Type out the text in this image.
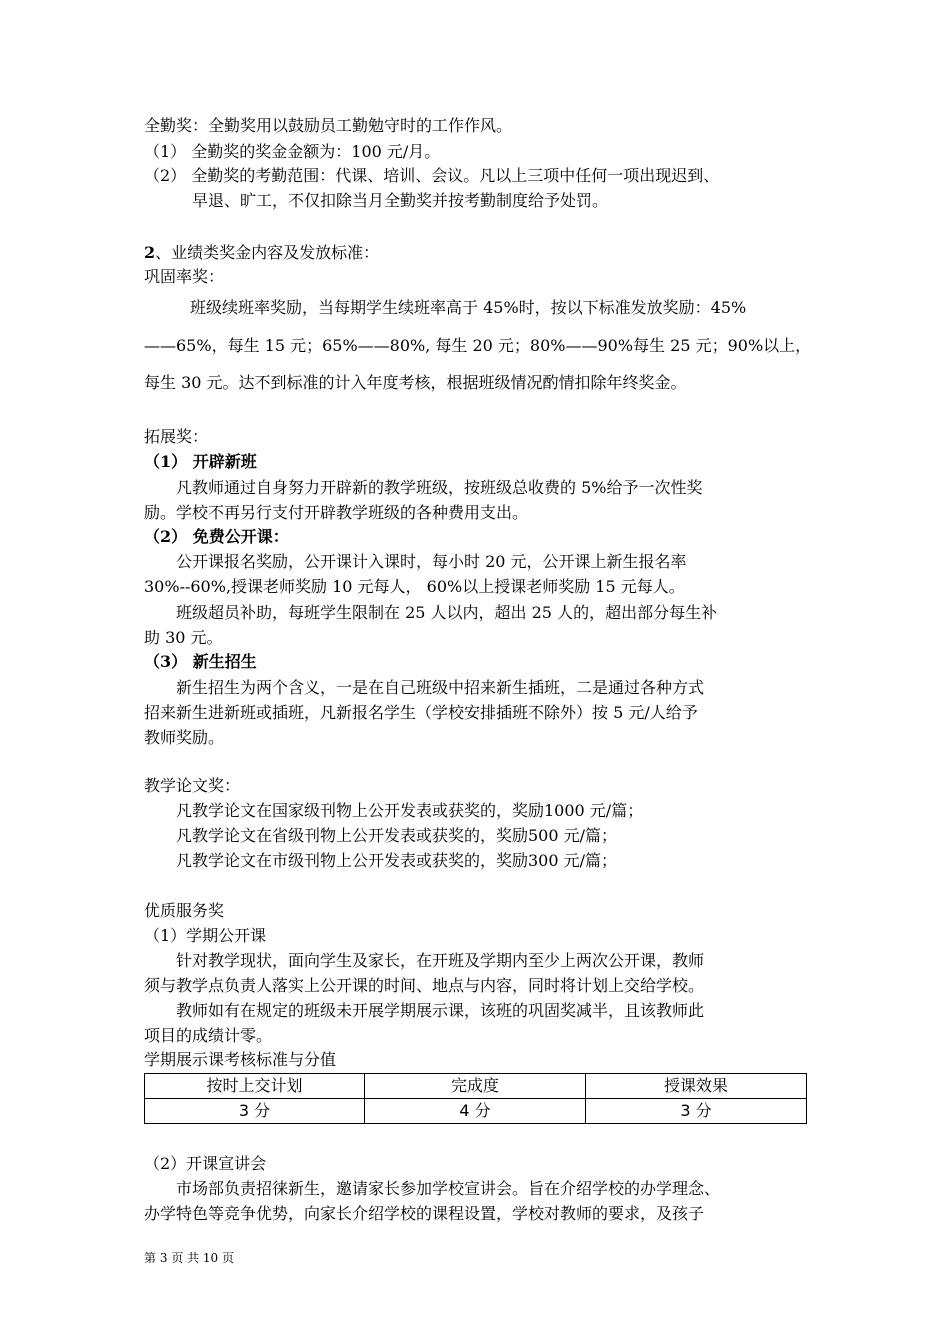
全勤奖：全勤奖用以鼓励员工勤勉守时的工作作风。
（1） 全勤奖的奖金金额为：100 元/月。
（2） 全勤奖的考勤范围：代课、培训、会议。凡以上三项中任何一项出现迟到、
早退、旷工，不仅扣除当月全勤奖并按考勤制度给予处罚。
2、业绩类奖金内容及发放标准：
巩固率奖：
班级续班率奖励，当每期学生续班率高于 45%时，按以下标准发放奖励：45%
——65%，每生 15 元；65%——80%, 每生 20 元；80%——90%每生 25 元；90%以上，
每生 30 元。达不到标准的计入年度考核，根据班级情况酌情扣除年终奖金。
拓展奖：
（1） 开辟新班
凡教师通过自身努力开辟新的教学班级，按班级总收费的 5%给予一次性奖
励。学校不再另行支付开辟教学班级的各种费用支出。
（2） 免费公开课：
公开课报名奖励，公开课计入课时，每小时 20 元，公开课上新生报名率
30%--60%,授课老师奖励 10 元每人， 60%以上授课老师奖励 15 元每人。
班级超员补助，每班学生限制在 25 人以内，超出 25 人的，超出部分每生补
助 30 元。
（3） 新生招生
新生招生为两个含义，一是在自己班级中招来新生插班，二是通过各种方式
招来新生进新班或插班，凡新报名学生（学校安排插班不除外）按 5 元/人给予
教师奖励。
教学论文奖：
凡教学论文在国家级刊物上公开发表或获奖的，奖励1000 元/篇；
凡教学论文在省级刊物上公开发表或获奖的，奖励500 元/篇；
凡教学论文在市级刊物上公开发表或获奖的，奖励300 元/篇；
优质服务奖
（1）学期公开课
针对教学现状，面向学生及家长，在开班及学期内至少上两次公开课，教师
须与教学点负责人落实上公开课的时间、地点与内容，同时将计划上交给学校。
教师如有在规定的班级未开展学期展示课，该班的巩固奖减半，且该教师此
项目的成绩计零。
学期展示课考核标准与分值
按时上交计划	完成度	授课效果
3 分	4 分	3 分
（2）开课宣讲会
市场部负责招徕新生，邀请家长参加学校宣讲会。旨在介绍学校的办学理念、
办学特色等竞争优势，向家长介绍学校的课程设置，学校对教师的要求，及孩子
第 3 页 共 10 页
